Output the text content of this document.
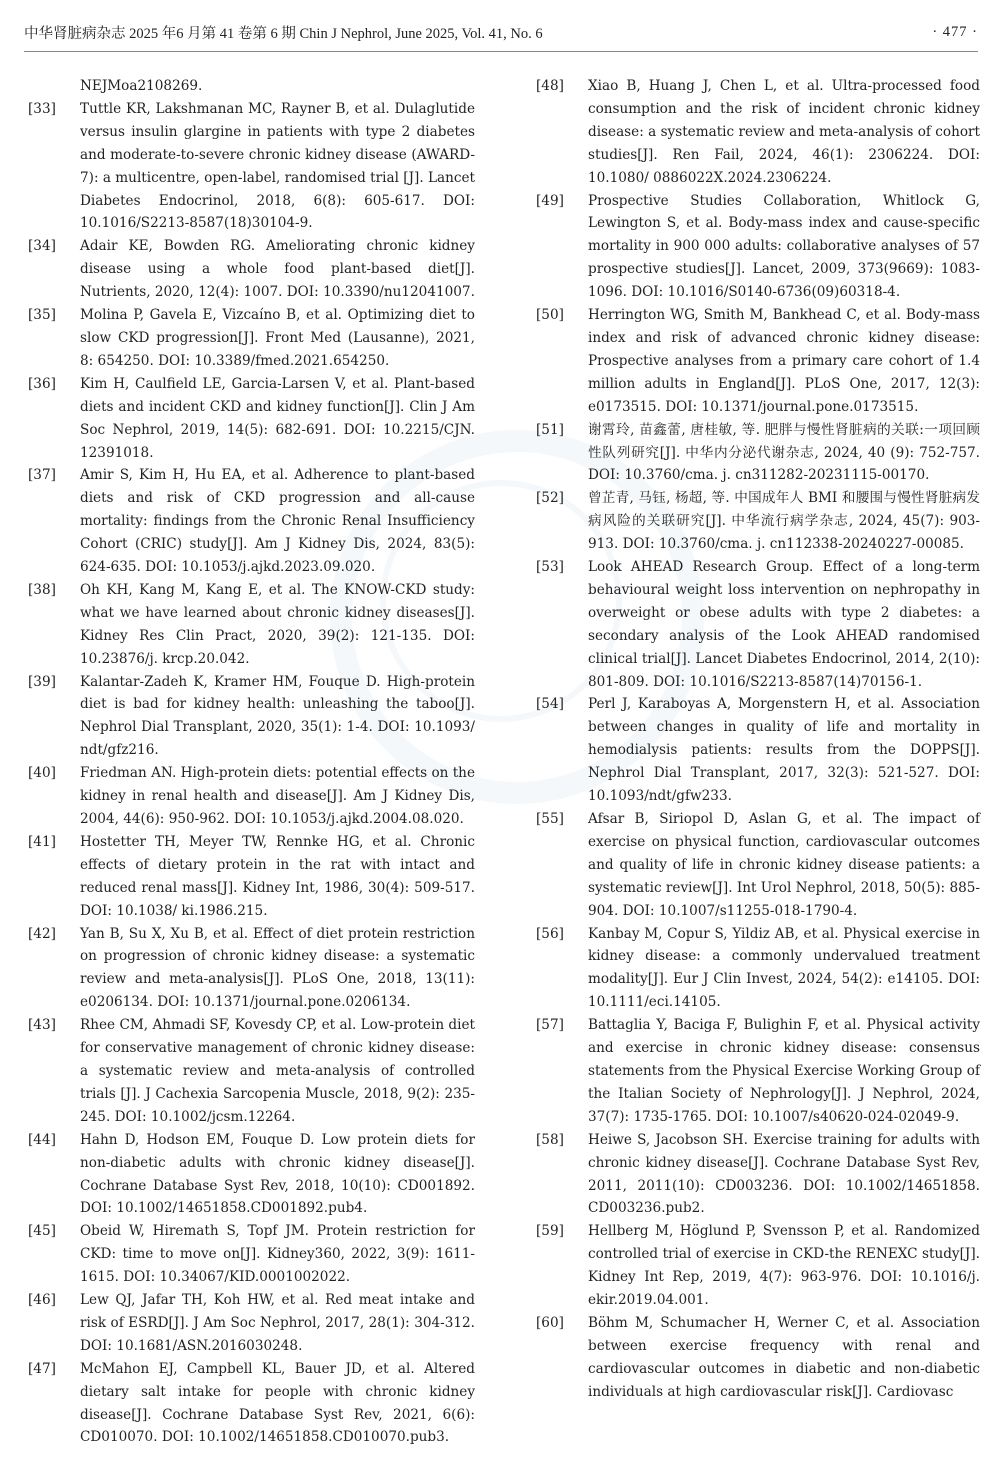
中华肾脏病杂志 2025 年6 月第 41 卷第 6 期 Chin J Nephrol, June 2025, Vol. 41, No. 6	· 477 ·
NEJMoa2108269.
[33]	Tuttle KR, Lakshmanan MC, Rayner B, et al. Dulaglutide versus insulin glargine in patients with type 2 diabetes and moderate-to-severe chronic kidney disease (AWARD-7): a multicentre, open-label, randomised trial [J]. Lancet Diabetes Endocrinol, 2018, 6(8): 605-617. DOI: 10.1016/S2213-8587(18)30104-9.
[34]	Adair KE, Bowden RG. Ameliorating chronic kidney disease using a whole food plant-based diet[J]. Nutrients, 2020, 12(4): 1007. DOI: 10.3390/nu12041007.
[35]	Molina P, Gavela E, Vizcaíno B, et al. Optimizing diet to slow CKD progression[J]. Front Med (Lausanne), 2021, 8: 654250. DOI: 10.3389/fmed.2021.654250.
[36]	Kim H, Caulfield LE, Garcia-Larsen V, et al. Plant-based diets and incident CKD and kidney function[J]. Clin J Am Soc Nephrol, 2019, 14(5): 682-691. DOI: 10.2215/CJN. 12391018.
[37]	Amir S, Kim H, Hu EA, et al. Adherence to plant-based diets and risk of CKD progression and all-cause mortality: findings from the Chronic Renal Insufficiency Cohort (CRIC) study[J]. Am J Kidney Dis, 2024, 83(5): 624-635. DOI: 10.1053/j.ajkd.2023.09.020.
[38]	Oh KH, Kang M, Kang E, et al. The KNOW-CKD study: what we have learned about chronic kidney diseases[J]. Kidney Res Clin Pract, 2020, 39(2): 121-135. DOI: 10.23876/j. krcp.20.042.
[39]	Kalantar-Zadeh K, Kramer HM, Fouque D. High-protein diet is bad for kidney health: unleashing the taboo[J]. Nephrol Dial Transplant, 2020, 35(1): 1-4. DOI: 10.1093/ ndt/gfz216.
[40]	Friedman AN. High-protein diets: potential effects on the kidney in renal health and disease[J]. Am J Kidney Dis, 2004, 44(6): 950-962. DOI: 10.1053/j.ajkd.2004.08.020.
[41]	Hostetter TH, Meyer TW, Rennke HG, et al. Chronic effects of dietary protein in the rat with intact and reduced renal mass[J]. Kidney Int, 1986, 30(4): 509-517. DOI: 10.1038/ ki.1986.215.
[42]	Yan B, Su X, Xu B, et al. Effect of diet protein restriction on progression of chronic kidney disease: a systematic review and meta-analysis[J]. PLoS One, 2018, 13(11): e0206134. DOI: 10.1371/journal.pone.0206134.
[43]	Rhee CM, Ahmadi SF, Kovesdy CP, et al. Low-protein diet for conservative management of chronic kidney disease: a systematic review and meta-analysis of controlled trials [J]. J Cachexia Sarcopenia Muscle, 2018, 9(2): 235-245. DOI: 10.1002/jcsm.12264.
[44]	Hahn D, Hodson EM, Fouque D. Low protein diets for non-diabetic adults with chronic kidney disease[J]. Cochrane Database Syst Rev, 2018, 10(10): CD001892. DOI: 10.1002/14651858.CD001892.pub4.
[45]	Obeid W, Hiremath S, Topf JM. Protein restriction for CKD: time to move on[J]. Kidney360, 2022, 3(9): 1611-1615. DOI: 10.34067/KID.0001002022.
[46]	Lew QJ, Jafar TH, Koh HW, et al. Red meat intake and risk of ESRD[J]. J Am Soc Nephrol, 2017, 28(1): 304-312. DOI: 10.1681/ASN.2016030248.
[47]	McMahon EJ, Campbell KL, Bauer JD, et al. Altered dietary salt intake for people with chronic kidney disease[J]. Cochrane Database Syst Rev, 2021, 6(6): CD010070. DOI: 10.1002/14651858.CD010070.pub3.
[48]	Xiao B, Huang J, Chen L, et al. Ultra-processed food consumption and the risk of incident chronic kidney disease: a systematic review and meta-analysis of cohort studies[J]. Ren Fail, 2024, 46(1): 2306224. DOI: 10.1080/ 0886022X.2024.2306224.
[49]	Prospective Studies Collaboration, Whitlock G, Lewington S, et al. Body-mass index and cause-specific mortality in 900 000 adults: collaborative analyses of 57 prospective studies[J]. Lancet, 2009, 373(9669): 1083-1096. DOI: 10.1016/S0140-6736(09)60318-4.
[50]	Herrington WG, Smith M, Bankhead C, et al. Body-mass index and risk of advanced chronic kidney disease: Prospective analyses from a primary care cohort of 1.4 million adults in England[J]. PLoS One, 2017, 12(3): e0173515. DOI: 10.1371/journal.pone.0173515.
[51]	谢霄玲, 苗鑫蕾, 唐桂敏, 等. 肥胖与慢性肾脏病的关联:一项回顾性队列研究[J]. 中华内分泌代谢杂志, 2024, 40 (9): 752-757. DOI: 10.3760/cma. j. cn311282-20231115-00170.
[52]	曾芷青, 马钰, 杨超, 等. 中国成年人 BMI 和腰围与慢性肾脏病发病风险的关联研究[J]. 中华流行病学杂志, 2024, 45(7): 903-913. DOI: 10.3760/cma. j. cn112338-20240227-00085.
[53]	Look AHEAD Research Group. Effect of a long-term behavioural weight loss intervention on nephropathy in overweight or obese adults with type 2 diabetes: a secondary analysis of the Look AHEAD randomised clinical trial[J]. Lancet Diabetes Endocrinol, 2014, 2(10): 801-809. DOI: 10.1016/S2213-8587(14)70156-1.
[54]	Perl J, Karaboyas A, Morgenstern H, et al. Association between changes in quality of life and mortality in hemodialysis patients: results from the DOPPS[J]. Nephrol Dial Transplant, 2017, 32(3): 521-527. DOI: 10.1093/ndt/gfw233.
[55]	Afsar B, Siriopol D, Aslan G, et al. The impact of exercise on physical function, cardiovascular outcomes and quality of life in chronic kidney disease patients: a systematic review[J]. Int Urol Nephrol, 2018, 50(5): 885-904. DOI: 10.1007/s11255-018-1790-4.
[56]	Kanbay M, Copur S, Yildiz AB, et al. Physical exercise in kidney disease: a commonly undervalued treatment modality[J]. Eur J Clin Invest, 2024, 54(2): e14105. DOI: 10.1111/eci.14105.
[57]	Battaglia Y, Baciga F, Bulighin F, et al. Physical activity and exercise in chronic kidney disease: consensus statements from the Physical Exercise Working Group of the Italian Society of Nephrology[J]. J Nephrol, 2024, 37(7): 1735-1765. DOI: 10.1007/s40620-024-02049-9.
[58]	Heiwe S, Jacobson SH. Exercise training for adults with chronic kidney disease[J]. Cochrane Database Syst Rev, 2011, 2011(10): CD003236. DOI: 10.1002/14651858. CD003236.pub2.
[59]	Hellberg M, Höglund P, Svensson P, et al. Randomized controlled trial of exercise in CKD-the RENEXC study[J]. Kidney Int Rep, 2019, 4(7): 963-976. DOI: 10.1016/j. ekir.2019.04.001.
[60]	Böhm M, Schumacher H, Werner C, et al. Association between exercise frequency with renal and cardiovascular outcomes in diabetic and non-diabetic individuals at high cardiovascular risk[J]. Cardiovasc
